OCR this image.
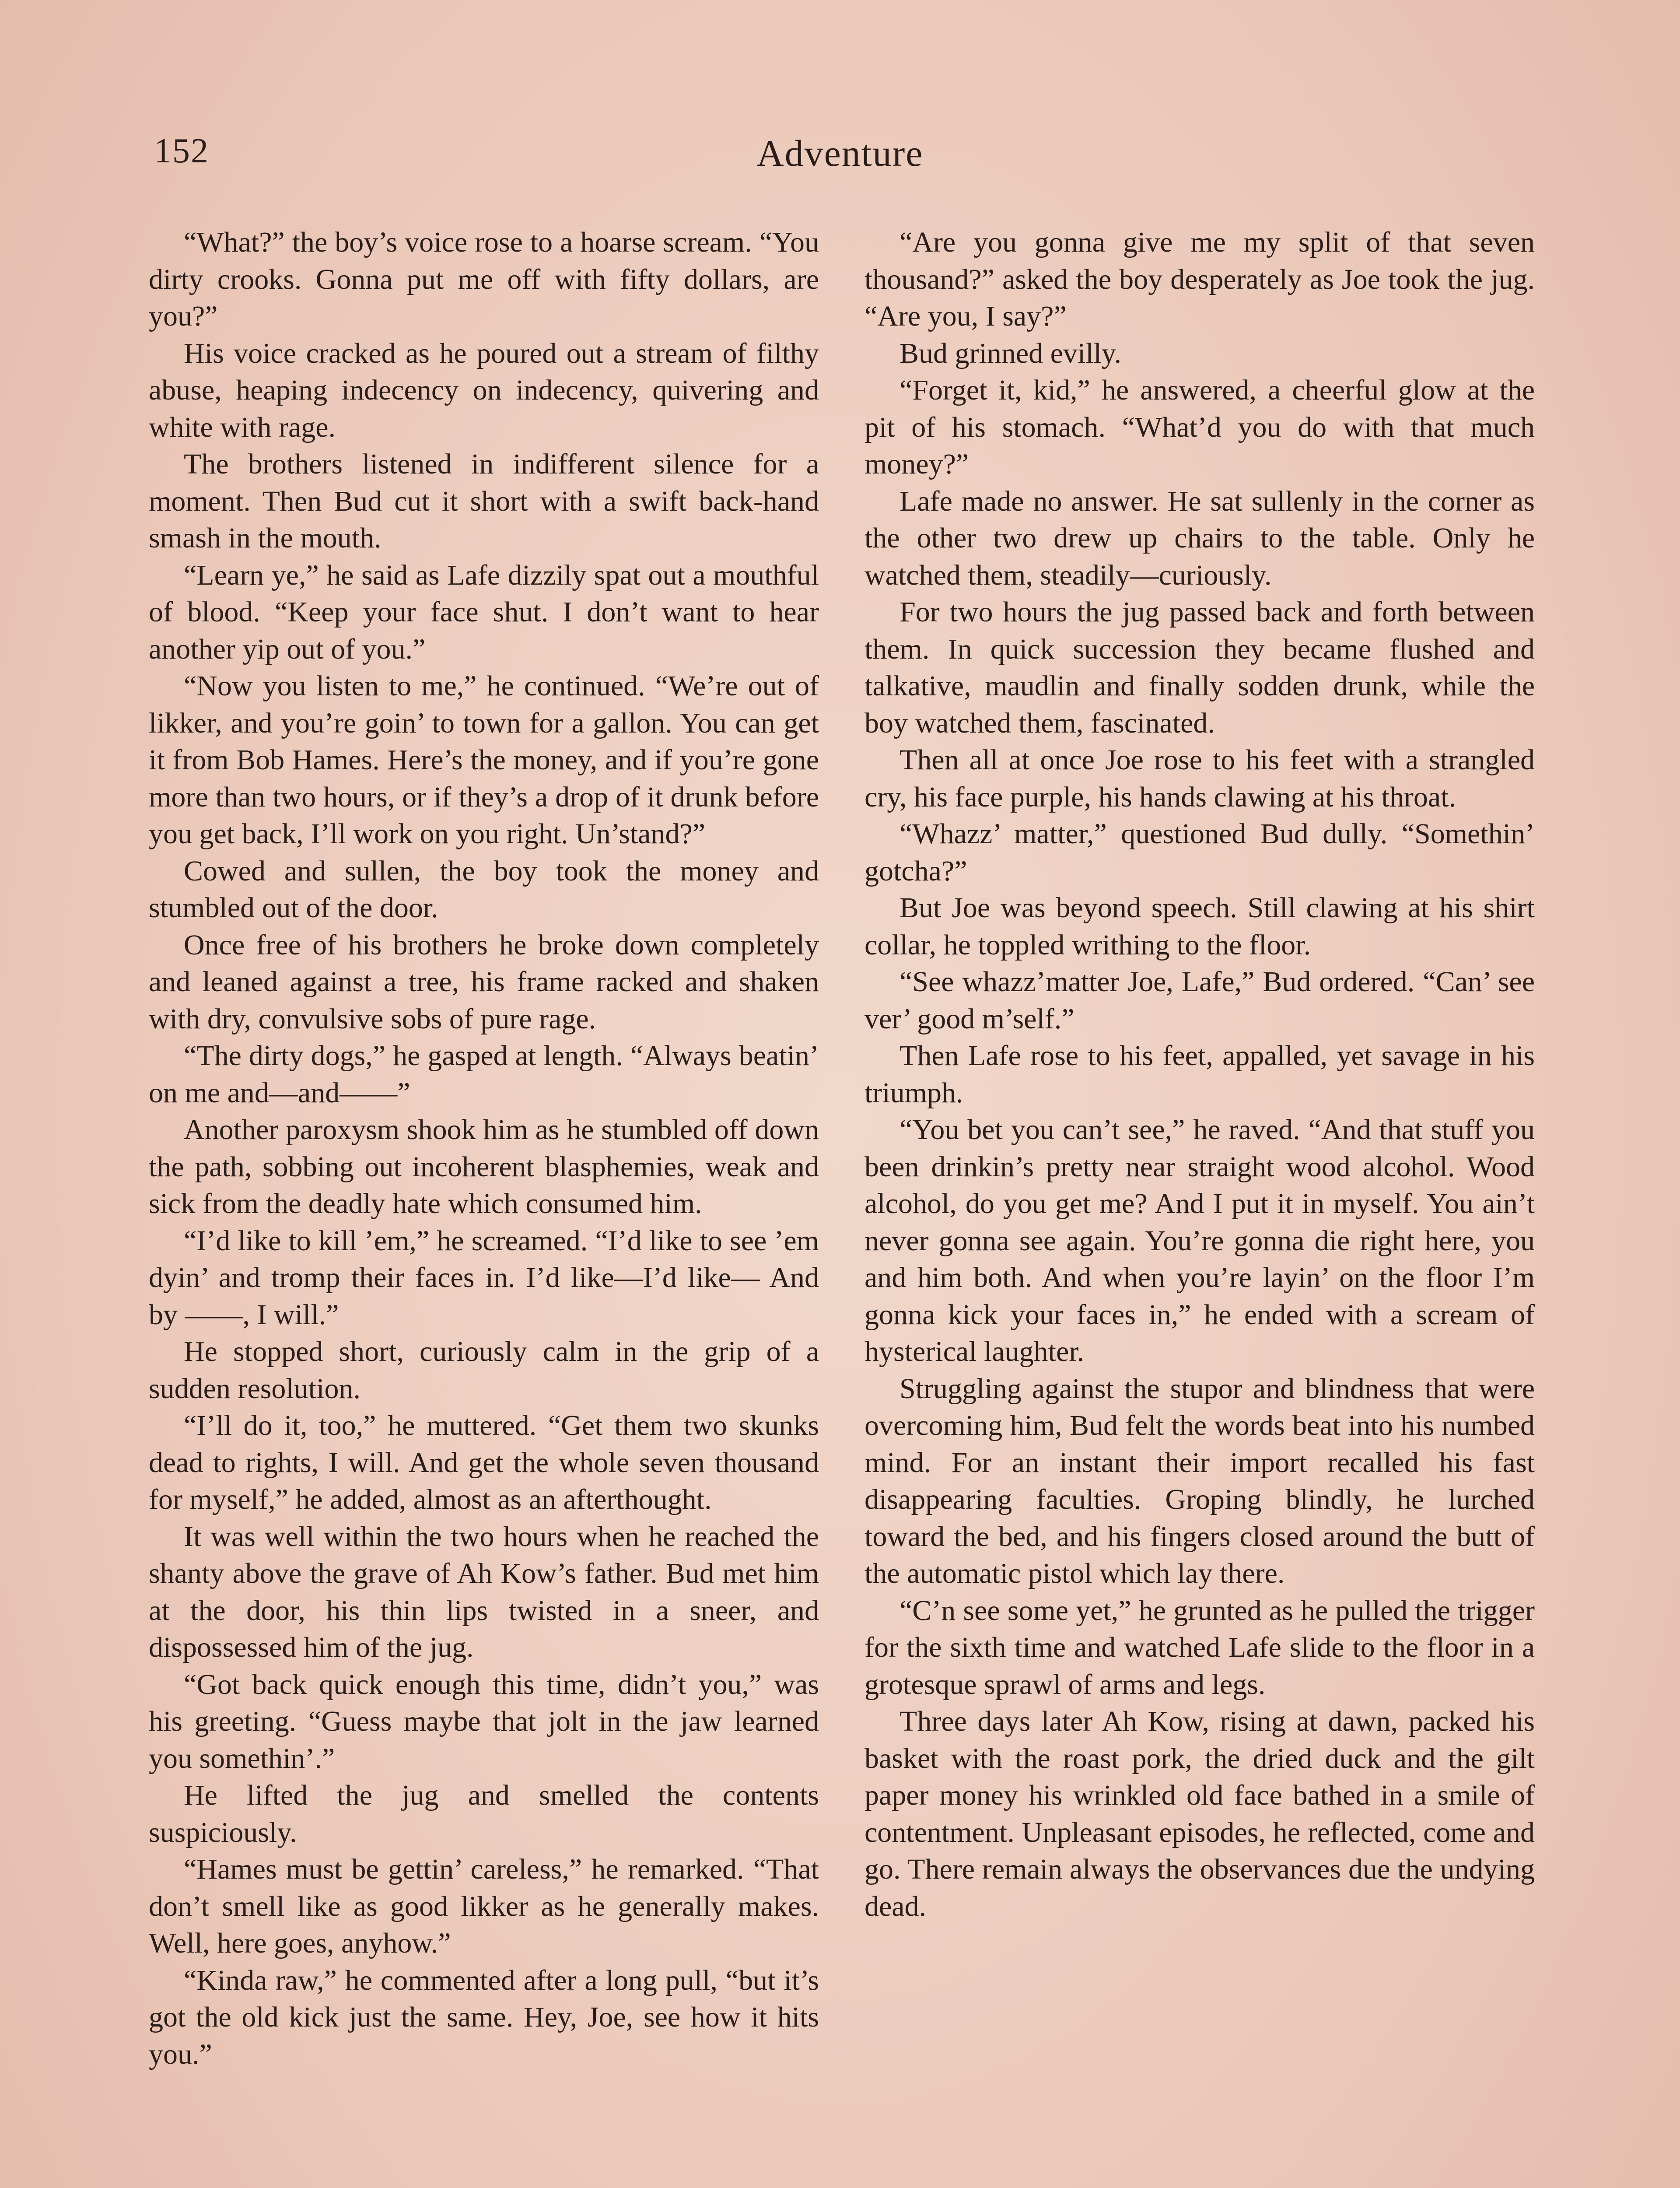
152	Adventure

“What?” the boy’s voice rose to a hoarse scream. “You dirty crooks. Gonna put me off with fifty dollars, are you?”

His voice cracked as he poured out a stream of filthy abuse, heaping indecency on indecency, quivering and white with rage.

The brothers listened in indifferent silence for a moment. Then Bud cut it short with a swift back-hand smash in the mouth.

“Learn ye,” he said as Lafe dizzily spat out a mouthful of blood. “Keep your face shut. I don’t want to hear another yip out of you.”

“Now you listen to me,” he continued. “We’re out of likker, and you’re goin’ to town for a gallon. You can get it from Bob Hames. Here’s the money, and if you’re gone more than two hours, or if they’s a drop of it drunk before you get back, I’ll work on you right. Un’stand?”

Cowed and sullen, the boy took the money and stumbled out of the door.

Once free of his brothers he broke down completely and leaned against a tree, his frame racked and shaken with dry, convulsive sobs of pure rage.

“The dirty dogs,” he gasped at length. “Always beatin’ on me and—and——”

Another paroxysm shook him as he stumbled off down the path, sobbing out incoherent blasphemies, weak and sick from the deadly hate which consumed him.

“I’d like to kill ’em,” he screamed. “I’d like to see ’em dyin’ and tromp their faces in. I’d like—I’d like— And by ——, I will.”

He stopped short, curiously calm in the grip of a sudden resolution.

“I’ll do it, too,” he muttered. “Get them two skunks dead to rights, I will. And get the whole seven thousand for myself,” he added, almost as an afterthought.

It was well within the two hours when he reached the shanty above the grave of Ah Kow’s father. Bud met him at the door, his thin lips twisted in a sneer, and dispossessed him of the jug.

“Got back quick enough this time, didn’t you,” was his greeting. “Guess maybe that jolt in the jaw learned you somethin’.”

He lifted the jug and smelled the contents suspiciously.

“Hames must be gettin’ careless,” he remarked. “That don’t smell like as good likker as he generally makes. Well, here goes, anyhow.”

“Kinda raw,” he commented after a long pull, “but it’s got the old kick just the same. Hey, Joe, see how it hits you.”

“Are you gonna give me my split of that seven thousand?” asked the boy desperately as Joe took the jug. “Are you, I say?”

Bud grinned evilly.

“Forget it, kid,” he answered, a cheerful glow at the pit of his stomach. “What’d you do with that much money?”

Lafe made no answer. He sat sullenly in the corner as the other two drew up chairs to the table. Only he watched them, steadily—curiously.

For two hours the jug passed back and forth between them. In quick succession they became flushed and talkative, maudlin and finally sodden drunk, while the boy watched them, fascinated.

Then all at once Joe rose to his feet with a strangled cry, his face purple, his hands clawing at his throat.

“Whazz’ matter,” questioned Bud dully. “Somethin’ gotcha?”

But Joe was beyond speech. Still clawing at his shirt collar, he toppled writhing to the floor.

“See whazz’matter Joe, Lafe,” Bud ordered. “Can’ see ver’ good m’self.”

Then Lafe rose to his feet, appalled, yet savage in his triumph.

“You bet you can’t see,” he raved. “And that stuff you been drinkin’s pretty near straight wood alcohol. Wood alcohol, do you get me? And I put it in myself. You ain’t never gonna see again. You’re gonna die right here, you and him both. And when you’re layin’ on the floor I’m gonna kick your faces in,” he ended with a scream of hysterical laughter.

Struggling against the stupor and blindness that were overcoming him, Bud felt the words beat into his numbed mind. For an instant their import recalled his fast disappearing faculties. Groping blindly, he lurched toward the bed, and his fingers closed around the butt of the automatic pistol which lay there.

“C’n see some yet,” he grunted as he pulled the trigger for the sixth time and watched Lafe slide to the floor in a grotesque sprawl of arms and legs.

Three days later Ah Kow, rising at dawn, packed his basket with the roast pork, the dried duck and the gilt paper money his wrinkled old face bathed in a smile of contentment. Unpleasant episodes, he reflected, come and go. There remain always the observances due the undying dead.
